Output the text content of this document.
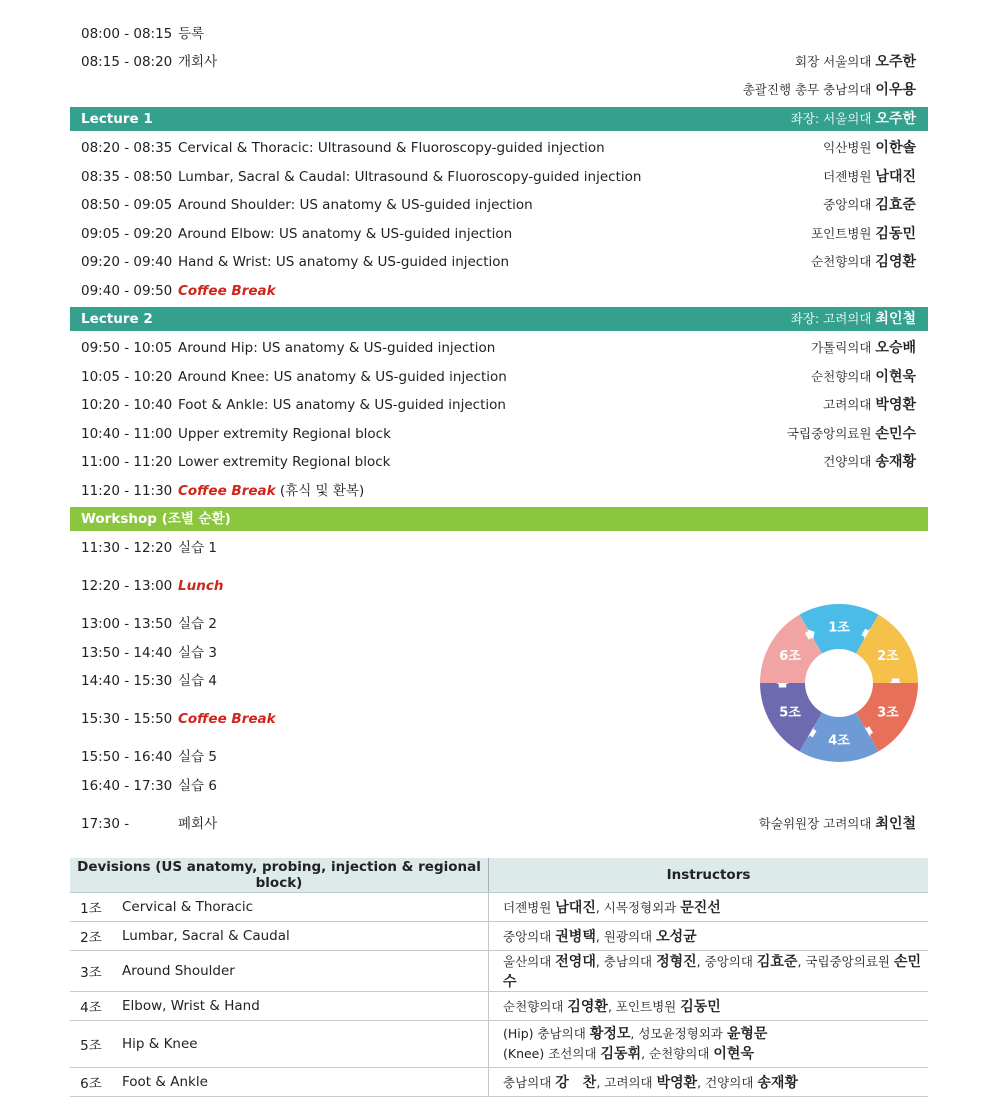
08:00 - 08:15 등록
08:15 - 08:20 개회사	회장 서울의대 오주한
총괄진행 총무 충남의대 이우용
Lecture 1	좌장: 서울의대 오주한
08:20 - 08:35 Cervical & Thoracic: Ultrasound & Fluoroscopy-guided injection	익산병원 이한솔
08:35 - 08:50 Lumbar, Sacral & Caudal: Ultrasound & Fluoroscopy-guided injection	더젠병원 남대진
08:50 - 09:05 Around Shoulder: US anatomy & US-guided injection	중앙의대 김효준
09:05 - 09:20 Around Elbow: US anatomy & US-guided injection	포인트병원 김동민
09:20 - 09:40 Hand & Wrist: US anatomy & US-guided injection	순천향의대 김영환
09:40 - 09:50 Coffee Break
Lecture 2	좌장: 고려의대 최인철
09:50 - 10:05 Around Hip: US anatomy & US-guided injection	가톨릭의대 오승배
10:05 - 10:20 Around Knee: US anatomy & US-guided injection	순천향의대 이현욱
10:20 - 10:40 Foot & Ankle: US anatomy & US-guided injection	고려의대 박영환
10:40 - 11:00 Upper extremity Regional block	국립중앙의료원 손민수
11:00 - 11:20 Lower extremity Regional block	건양의대 송재황
11:20 - 11:30 Coffee Break (휴식 및 환복)
Workshop (조별 순환)
11:30 - 12:20 실습 1
12:20 - 13:00 Lunch
13:00 - 13:50 실습 2
13:50 - 14:40 실습 3
14:40 - 15:30 실습 4
15:30 - 15:50 Coffee Break
15:50 - 16:40 실습 5
16:40 - 17:30 실습 6
17:30 -	폐회사	학술위원장 고려의대 최인철
1조
2조
3조
4조
5조
6조
Devisions (US anatomy, probing, injection & regional block)		Instructors
1조	Cervical & Thoracic	더젠병원 남대진, 시목정형외과 문진선
2조	Lumbar, Sacral & Caudal	중앙의대 권병택, 원광의대 오성균
3조	Around Shoulder	울산의대 전영대, 충남의대 정형진, 중앙의대 김효준, 국립중앙의료원 손민수
4조	Elbow, Wrist & Hand	순천향의대 김영환, 포인트병원 김동민
5조	Hip & Knee	(Hip) 충남의대 황정모, 성모윤정형외과 윤형문
(Knee) 조선의대 김동휘, 순천향의대 이현욱
6조	Foot & Ankle	충남의대 강　찬, 고려의대 박영환, 건양의대 송재황
